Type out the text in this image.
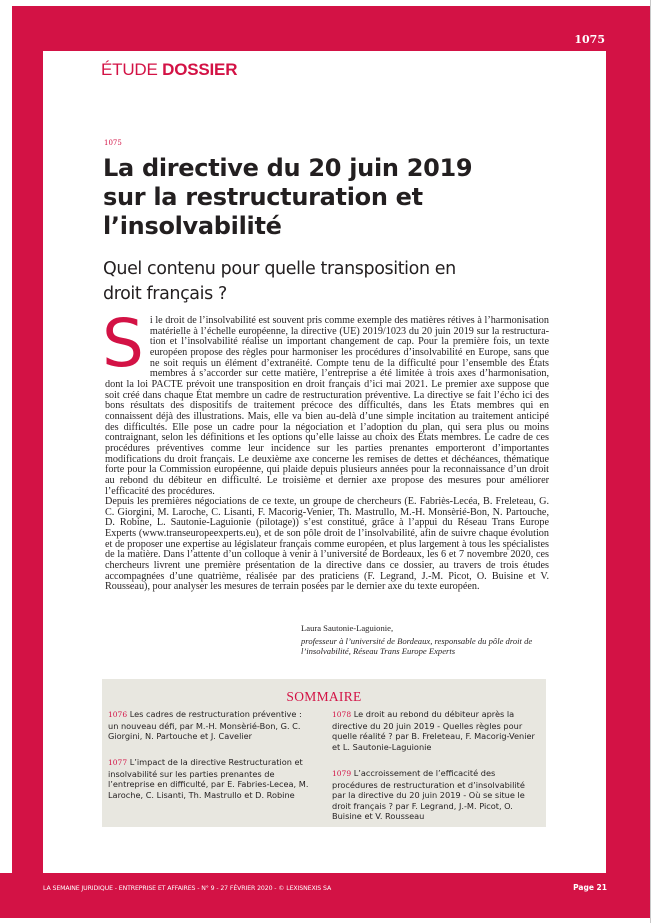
1075
ÉTUDE DOSSIER
1075
La directive du 20 juin 2019
sur la restructuration et
l’insolvabilité
Quel contenu pour quelle transposition en
droit français ?

S i le droit de l’insolvabilité est souvent pris comme exemple des matières rétives à l’harmonisation matérielle à l’échelle européenne, la directive (UE) 2019/1023 du 20 juin 2019 sur la restructuration et l’insolvabilité réalise un important changement de cap. Pour la première fois, un texte européen propose des règles pour harmoniser les procédures d’insolvabilité en Europe, sans que ne soit requis un élément d’extranéité. Compte tenu de la difficulté pour l’ensemble des États membres à s’accorder sur cette matière, l’entreprise a été limitée à trois axes d’harmonisation, dont la loi PACTE prévoit une transposition en droit français d’ici mai 2021. Le premier axe suppose que soit créé dans chaque État membre un cadre de restructuration préventive. La directive se fait l’écho ici des bons résultats des dispositifs de traitement précoce des difficultés, dans les États membres qui en connaissent déjà des illustrations. Mais, elle va bien au-delà d’une simple incitation au traitement anticipé des difficultés. Elle pose un cadre pour la négociation et l’adoption du plan, qui sera plus ou moins contraignant, selon les définitions et les options qu’elle laisse au choix des États membres. Le cadre de ces procédures préventives comme leur incidence sur les parties prenantes emporteront d’importantes modifications du droit français. Le deuxième axe concerne les remises de dettes et déchéances, thématique forte pour la Commission européenne, qui plaide depuis plusieurs années pour la reconnaissance d’un droit au rebond du débiteur en difficulté. Le troisième et dernier axe propose des mesures pour améliorer l’efficacité des procédures.

Depuis les premières négociations de ce texte, un groupe de chercheurs (E. Fabriès-Lecéa, B. Freleteau, G. C. Giorgini, M. Laroche, C. Lisanti, F. Macorig-Venier, Th. Mastrullo, M.-H. Monsèrié-Bon, N. Partouche, D. Robine, L. Sautonie-Laguionie (pilotage)) s’est constitué, grâce à l’appui du Réseau Trans Europe Experts (www.transeuropeexperts.eu), et de son pôle droit de l’insolvabilité, afin de suivre chaque évolution et de proposer une expertise au législateur français comme européen, et plus largement à tous les spécialistes de la matière. Dans l’attente d’un colloque à venir à l’université de Bordeaux, les 6 et 7 novembre 2020, ces chercheurs livrent une première présentation de la directive dans ce dossier, au travers de trois études accompagnées d’une quatrième, réalisée par des praticiens (F. Legrand, J.-M. Picot, O. Buisine et V. Rousseau), pour analyser les mesures de terrain posées par le dernier axe du texte européen.

Laura Sautonie-Laguionie,
professeur à l’université de Bordeaux, responsable du pôle droit de l’insolvabilité, Réseau Trans Europe Experts
SOMMAIRE
1076 Les cadres de restructuration préventive : un nouveau défi, par M.-H. Monsèrié-Bon, G. C. Giorgini, N. Partouche et J. Cavelier
1077 L’impact de la directive Restructuration et insolvabilité sur les parties prenantes de l’entreprise en difficulté, par E. Fabries-Lecea, M. Laroche, C. Lisanti, Th. Mastrullo et D. Robine
1078 Le droit au rebond du débiteur après la directive du 20 juin 2019 - Quelles règles pour quelle réalité ? par B. Freleteau, F. Macorig-Venier et L. Sautonie-Laguionie
1079 L’accroissement de l’efficacité des procédures de restructuration et d’insolvabilité par la directive du 20 juin 2019 - Où se situe le droit français ? par F. Legrand, J.-M. Picot, O. Buisine et V. Rousseau
LA SEMAINE JURIDIQUE - ENTREPRISE ET AFFAIRES - N° 9 - 27 FÉVRIER 2020 - © LEXISNEXIS SA	Page 21
